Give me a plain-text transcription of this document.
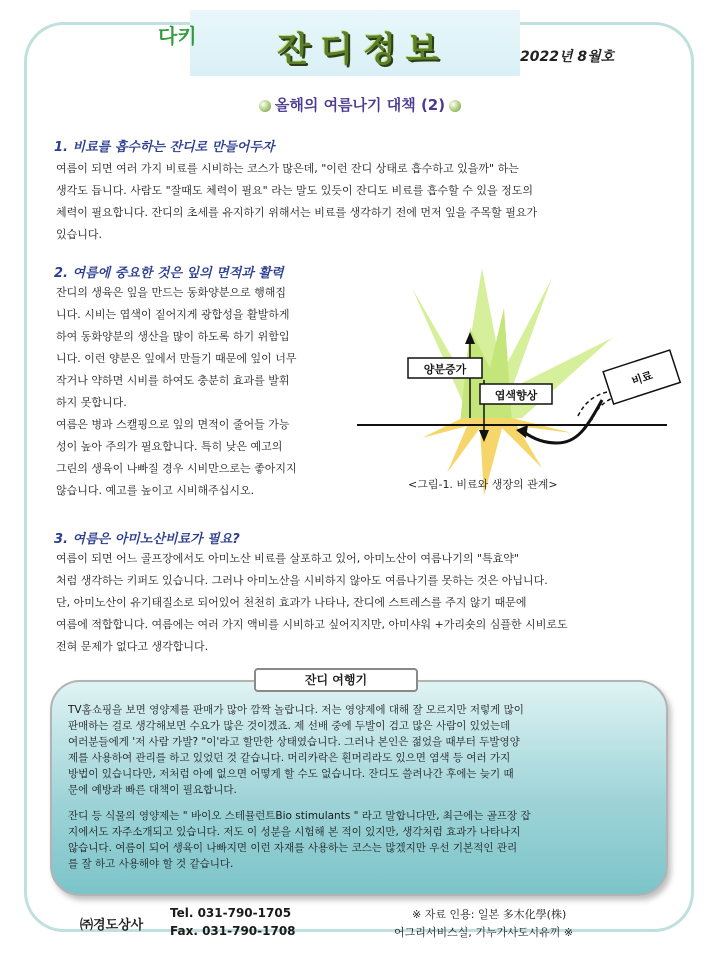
다키	잔디정보	2022년 8월호
올해의 여름나기 대책 (2)
1. 비료를 흡수하는 잔디로 만들어두자

여름이 되면 여러 가지 비료를 시비하는 코스가 많은데, "이런 잔디 상태로 흡수하고 있을까" 하는
생각도 듭니다. 사람도 "잘때도 체력이 필요" 라는 말도 있듯이 잔디도 비료를 흡수할 수 있을 정도의
체력이 필요합니다. 잔디의 초세를 유지하기 위해서는 비료를 생각하기 전에 먼저 잎을 주목할 필요가
있습니다.

2. 여름에 중요한 것은 잎의 면적과 활력

잔디의 생육은 잎을 만드는 동화양분으로 행해집
니다. 시비는 엽색이 짙어지게 광합성을 활발하게
하여 동화양분의 생산을 많이 하도록 하기 위함입
니다. 이런 양분은 잎에서 만들기 때문에 잎이 너무
작거나 약하면 시비를 하여도 충분히 효과를 발휘
하지 못합니다.
여름은 병과 스캘핑으로 잎의 면적이 줄어들 가능
성이 높아 주의가 필요합니다. 특히 낮은 예고의
그린의 생육이 나빠질 경우 시비만으로는 좋아지지
않습니다. 예고를 높이고 시비해주십시오.

비료
양분증가
엽색향상
<그림-1. 비료와 생장의 관계>
3. 여름은 아미노산비료가 필요?

여름이 되면 어느 골프장에서도 아미노산 비료를 살포하고 있어, 아미노산이 여름나기의 "특효약"
처럼 생각하는 키퍼도 있습니다. 그러나 아미노산을 시비하지 않아도 여름나기를 못하는 것은 아닙니다.
단, 아미노산이 유기태질소로 되어있어 천천히 효과가 나타나, 잔디에 스트레스를 주지 않기 때문에
여름에 적합합니다. 여름에는 여러 가지 액비를 시비하고 싶어지지만, 아미샤워 +가리숏의 심플한 시비로도
전혀 문제가 없다고 생각합니다.

잔디 여행기

TV홈쇼핑을 보면 영양제를 판매가 많아 깜짝 놀랍니다. 저는 영양제에 대해 잘 모르지만 저렇게 많이
판매하는 걸로 생각해보면 수요가 많은 것이겠죠. 제 선배 중에 두발이 검고 많은 사람이 있었는데
여러분들에게 '저 사람 가발? "이'라고 할만한 상태였습니다. 그러나 본인은 젊었을 때부터 두발영양
제를 사용하여 관리를 하고 있었던 것 같습니다. 머리카락은 흰머리라도 있으면 염색 등 여러 가지
방법이 있습니다만, 저처럼 아예 없으면 어떻게 할 수도 없습니다. 잔디도 쓸려나간 후에는 늦기 때
문에 예방과 빠른 대책이 필요합니다.

잔디 등 식물의 영양제는 " 바이오 스테뮬런트Bio stimulants " 라고 말합니다만, 최근에는 골프장 잡
지에서도 자주소개되고 있습니다. 저도 이 성분을 시험해 본 적이 있지만, 생각처럼 효과가 나타나지
않습니다. 여름이 되어 생육이 나빠지면 이런 자재를 사용하는 코스는 많겠지만 우선 기본적인 관리
를 잘 하고 사용해야 할 것 같습니다.

㈜경도상사
Tel. 031-790-1705
Fax. 031-790-1708
※ 자료 인용: 일본 多木化學(株)
어그리서비스실, 기누가사도시유끼 ※
